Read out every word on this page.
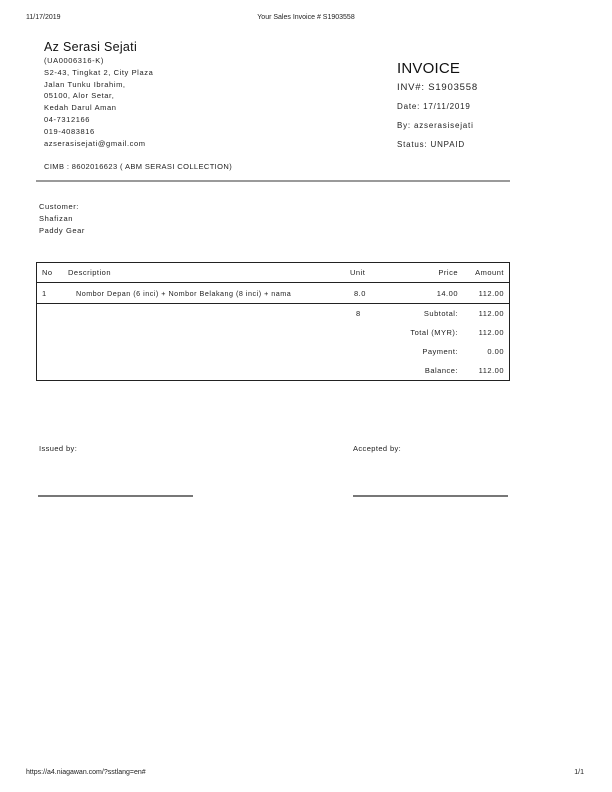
11/17/2019	Your Sales Invoice # S1903558
Az Serasi Sejati
(UA0006316-K)
S2-43, Tingkat 2, City Plaza
Jalan Tunku Ibrahim,
05100, Alor Setar,
Kedah Darul Aman
04-7312166
019-4083816
azserasisejati@gmail.com
CIMB : 8602016623 ( ABM SERASI COLLECTION)
INVOICE
INV#: S1903558
Date: 17/11/2019
By: azserasisejati
Status: UNPAID
Customer:
Shafizan
Paddy Gear
No	Description	Unit	Price	Amount
1	Nombor Depan (6 inci) + Nombor Belakang (8 inci) + nama	8.0	14.00	112.00
		8	Subtotal:	112.00
		Total (MYR):		112.00
		Payment:		0.00
		Balance:		112.00
Issued by:	Accepted by:
https://a4.niagawan.com/?sstlang=en#	1/1
